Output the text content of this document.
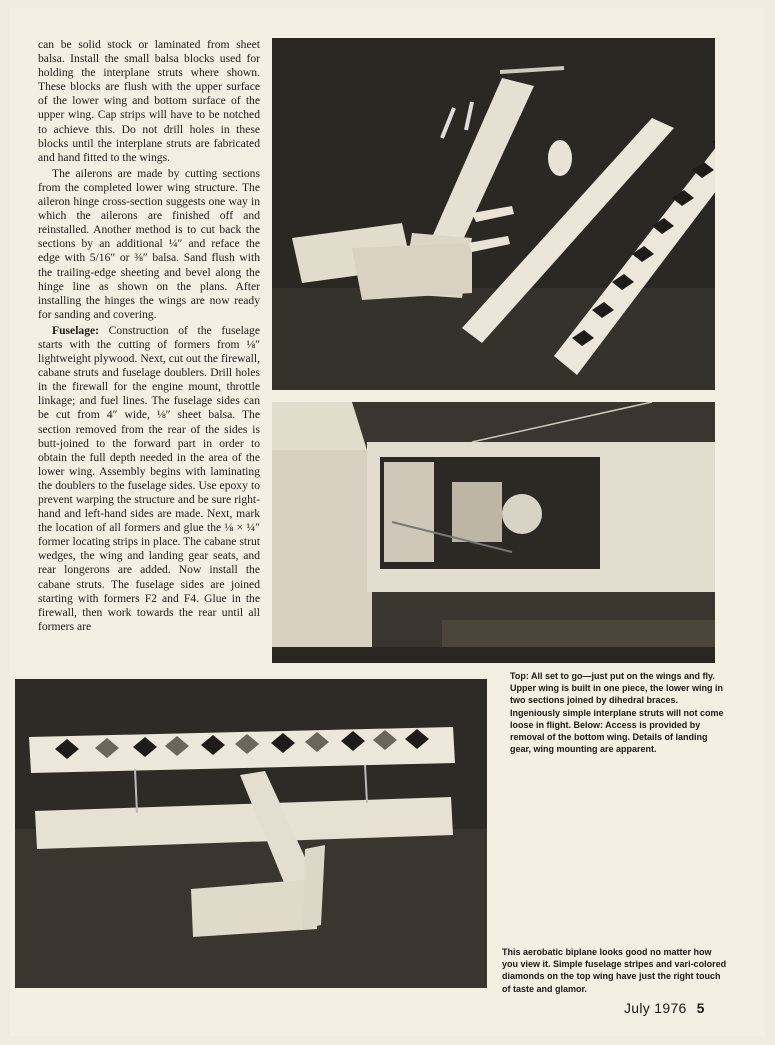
can be solid stock or laminated from sheet balsa. Install the small balsa blocks used for holding the interplane struts where shown. These blocks are flush with the upper surface of the lower wing and bottom surface of the upper wing. Cap strips will have to be notched to achieve this. Do not drill holes in these blocks until the interplane struts are fabricated and hand fitted to the wings.

The ailerons are made by cutting sections from the completed lower wing structure. The aileron hinge cross-section suggests one way in which the ailerons are finished off and reinstalled. Another method is to cut back the sections by an additional ¼″ and reface the edge with 5/16″ or ⅜″ balsa. Sand flush with the trailing-edge sheeting and bevel along the hinge line as shown on the plans. After installing the hinges the wings are now ready for sanding and covering.

Fuselage: Construction of the fuselage starts with the cutting of formers from ⅛″ lightweight plywood. Next, cut out the firewall, cabane struts and fuselage doublers. Drill holes in the firewall for the engine mount, throttle linkage; and fuel lines. The fuselage sides can be cut from 4″ wide, ⅛″ sheet balsa. The section removed from the rear of the sides is butt-joined to the forward part in order to obtain the full depth needed in the area of the lower wing. Assembly begins with laminating the doublers to the fuselage sides. Use epoxy to prevent warping the structure and be sure right-hand and left-hand sides are made. Next, mark the location of all formers and glue the ⅛ × ¼″ former locating strips in place. The cabane strut wedges, the wing and landing gear seats, and rear longerons are added. Now install the cabane struts. The fuselage sides are joined starting with formers F2 and F4. Glue in the firewall, then work towards the rear until all formers are

Top: All set to go—just put on the wings and fly. Upper wing is built in one piece, the lower wing in two sections joined by dihedral braces. Ingeniously simple interplane struts will not come loose in flight. Below: Access is provided by removal of the bottom wing. Details of landing gear, wing mounting are apparent.
This aerobatic biplane looks good no matter how you view it. Simple fuselage stripes and vari-colored diamonds on the top wing have just the right touch of taste and glamor.
July 1976 5
